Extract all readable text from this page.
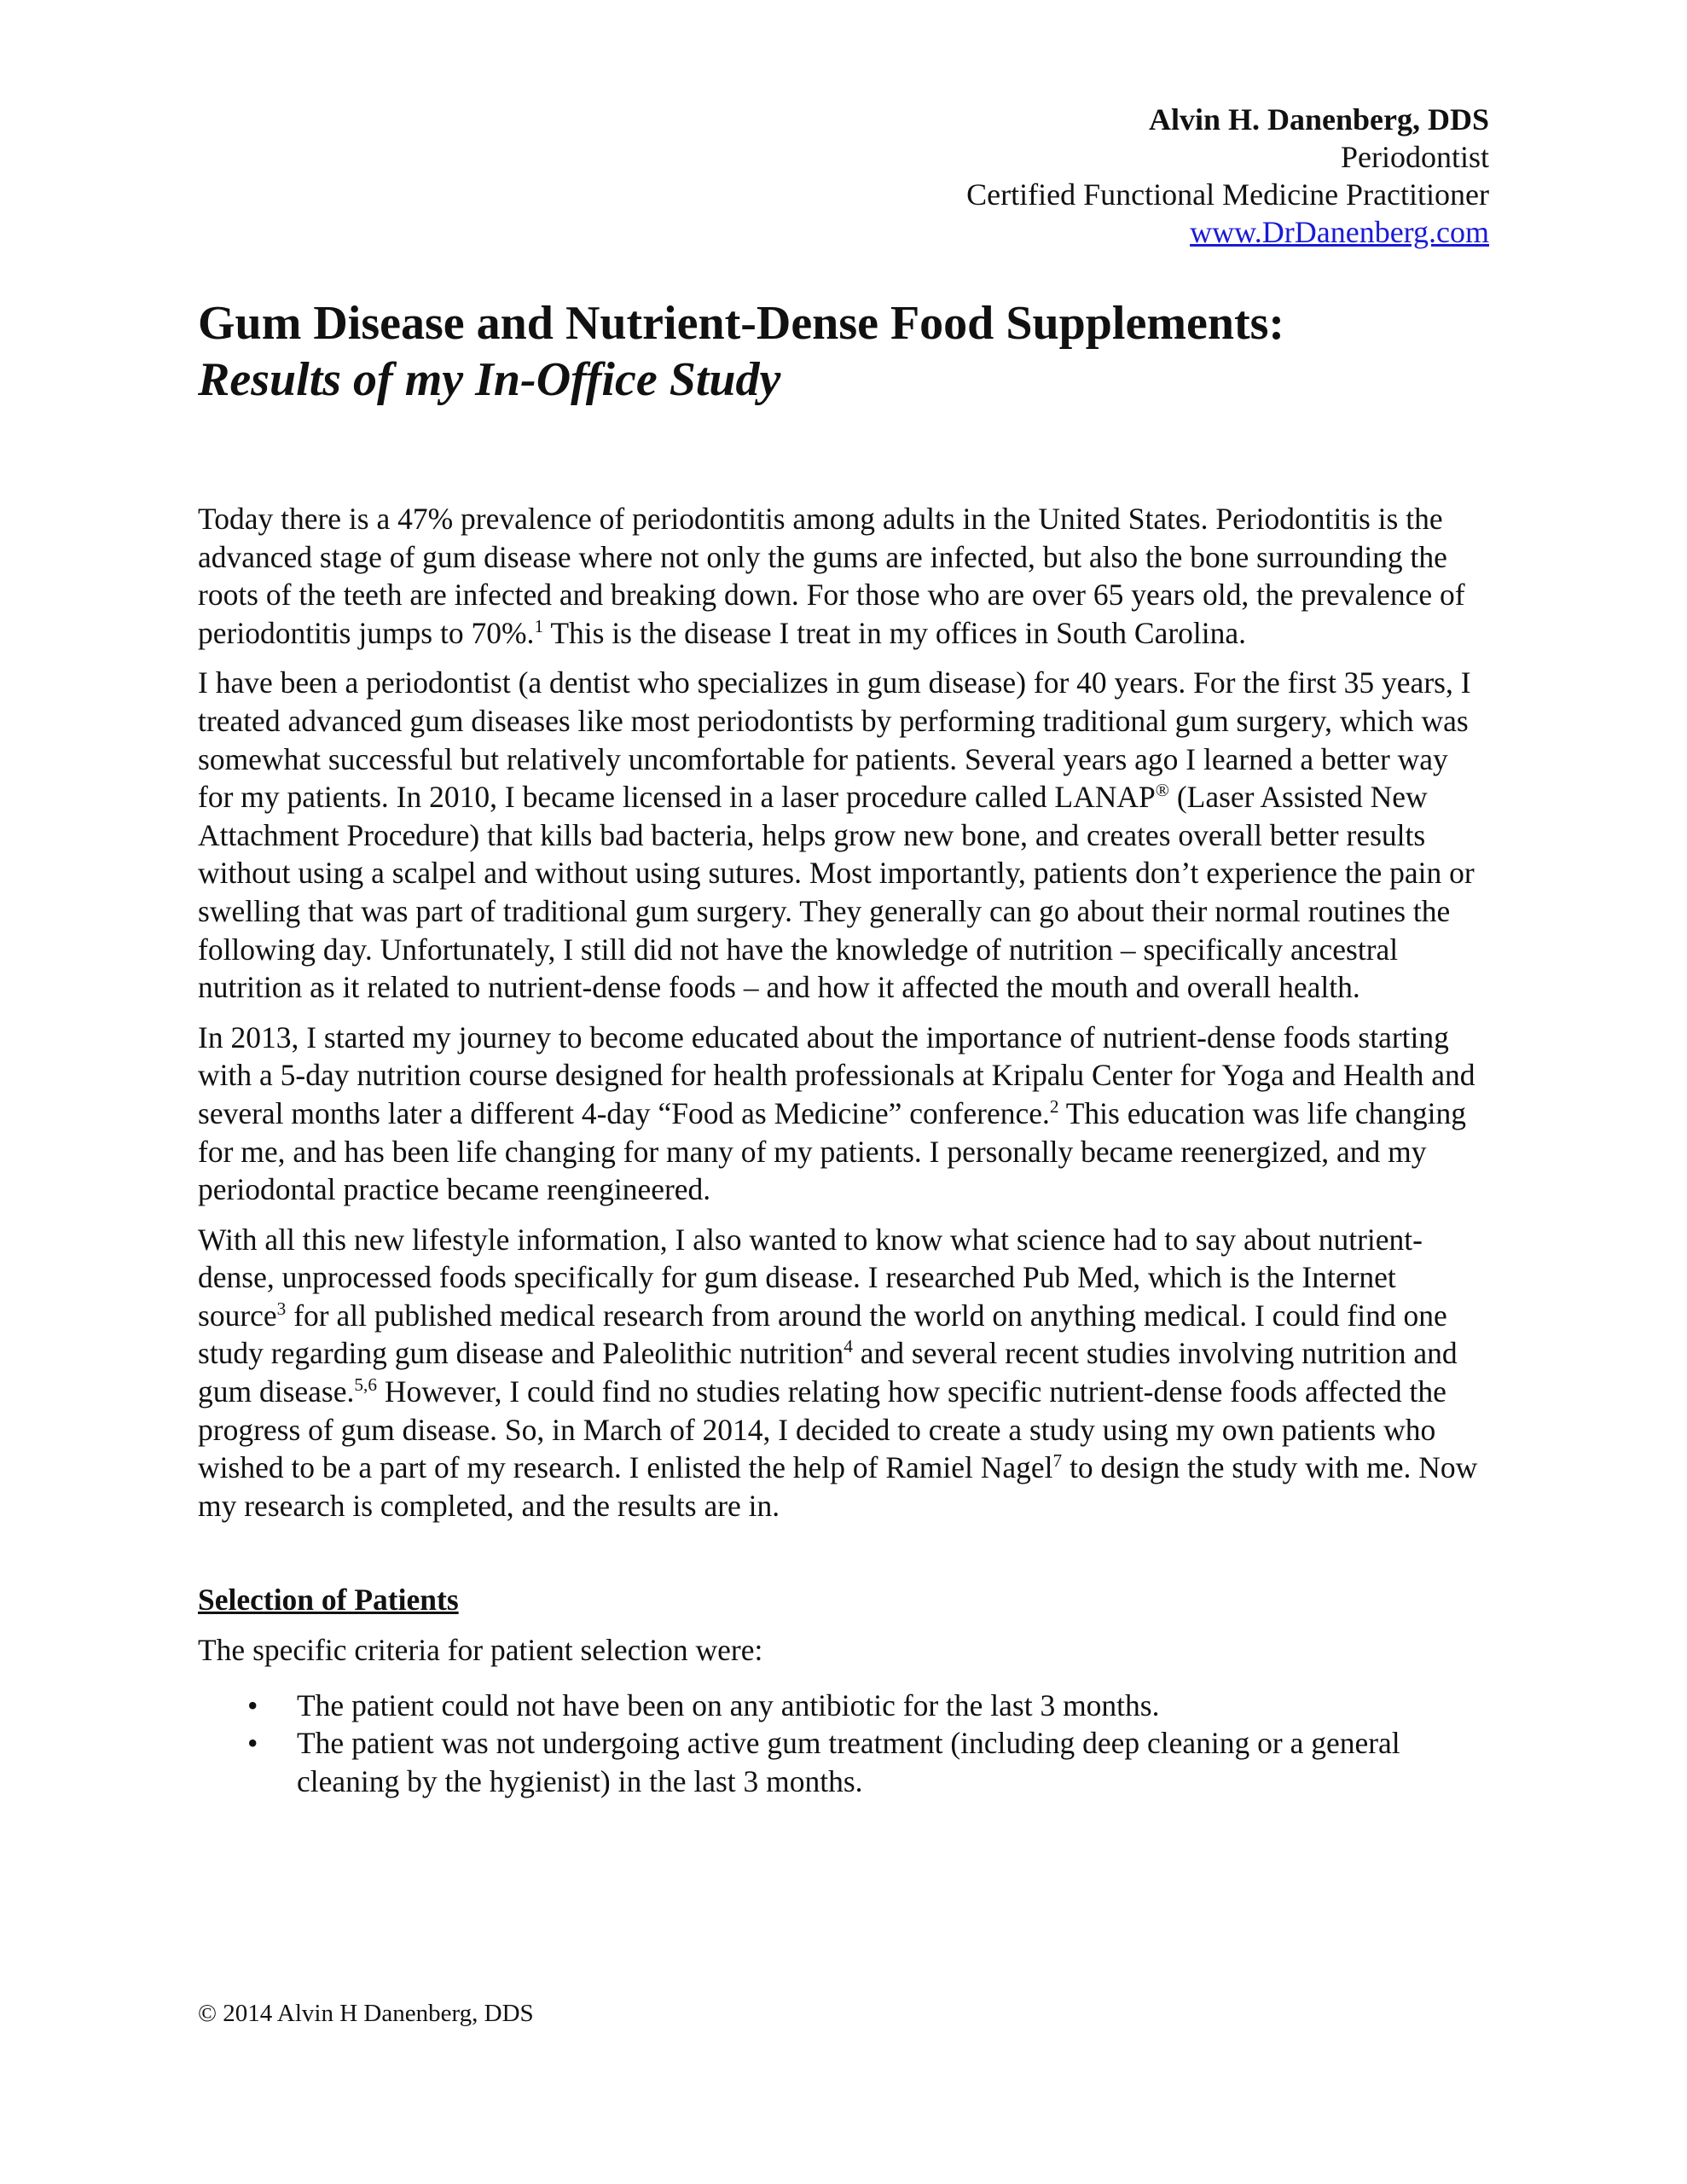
Alvin H. Danenberg, DDS
Periodontist
Certified Functional Medicine Practitioner
www.DrDanenberg.com
Gum Disease and Nutrient-Dense Food Supplements:
Results of my In-Office Study

Today there is a 47% prevalence of periodontitis among adults in the United States. Periodontitis is the advanced stage of gum disease where not only the gums are infected, but also the bone surrounding the roots of the teeth are infected and breaking down. For those who are over 65 years old, the prevalence of periodontitis jumps to 70%.$^1$ This is the disease I treat in my offices in South Carolina.

I have been a periodontist (a dentist who specializes in gum disease) for 40 years. For the first 35 years, I treated advanced gum diseases like most periodontists by performing traditional gum surgery, which was somewhat successful but relatively uncomfortable for patients. Several years ago I learned a better way for my patients. In 2010, I became licensed in a laser procedure called LANAP® (Laser Assisted New Attachment Procedure) that kills bad bacteria, helps grow new bone, and creates overall better results without using a scalpel and without using sutures. Most importantly, patients don’t experience the pain or swelling that was part of traditional gum surgery. They generally can go about their normal routines the following day. Unfortunately, I still did not have the knowledge of nutrition – specifically ancestral nutrition as it related to nutrient-dense foods – and how it affected the mouth and overall health.

In 2013, I started my journey to become educated about the importance of nutrient-dense foods starting with a 5-day nutrition course designed for health professionals at Kripalu Center for Yoga and Health and several months later a different 4-day “Food as Medicine” conference.$^2$ This education was life changing for me, and has been life changing for many of my patients. I personally became reenergized, and my periodontal practice became reengineered.

With all this new lifestyle information, I also wanted to know what science had to say about nutrient-dense, unprocessed foods specifically for gum disease. I researched Pub Med, which is the Internet source$^3$ for all published medical research from around the world on anything medical. I could find one study regarding gum disease and Paleolithic nutrition$^4$ and several recent studies involving nutrition and gum disease.$^{5,6}$ However, I could find no studies relating how specific nutrient-dense foods affected the progress of gum disease. So, in March of 2014, I decided to create a study using my own patients who wished to be a part of my research. I enlisted the help of Ramiel Nagel$^7$ to design the study with me. Now my research is completed, and the results are in.

Selection of Patients
The specific criteria for patient selection were:
• The patient could not have been on any antibiotic for the last 3 months.
• The patient was not undergoing active gum treatment (including deep cleaning or a general cleaning by the hygienist) in the last 3 months.
© 2014 Alvin H Danenberg, DDS
